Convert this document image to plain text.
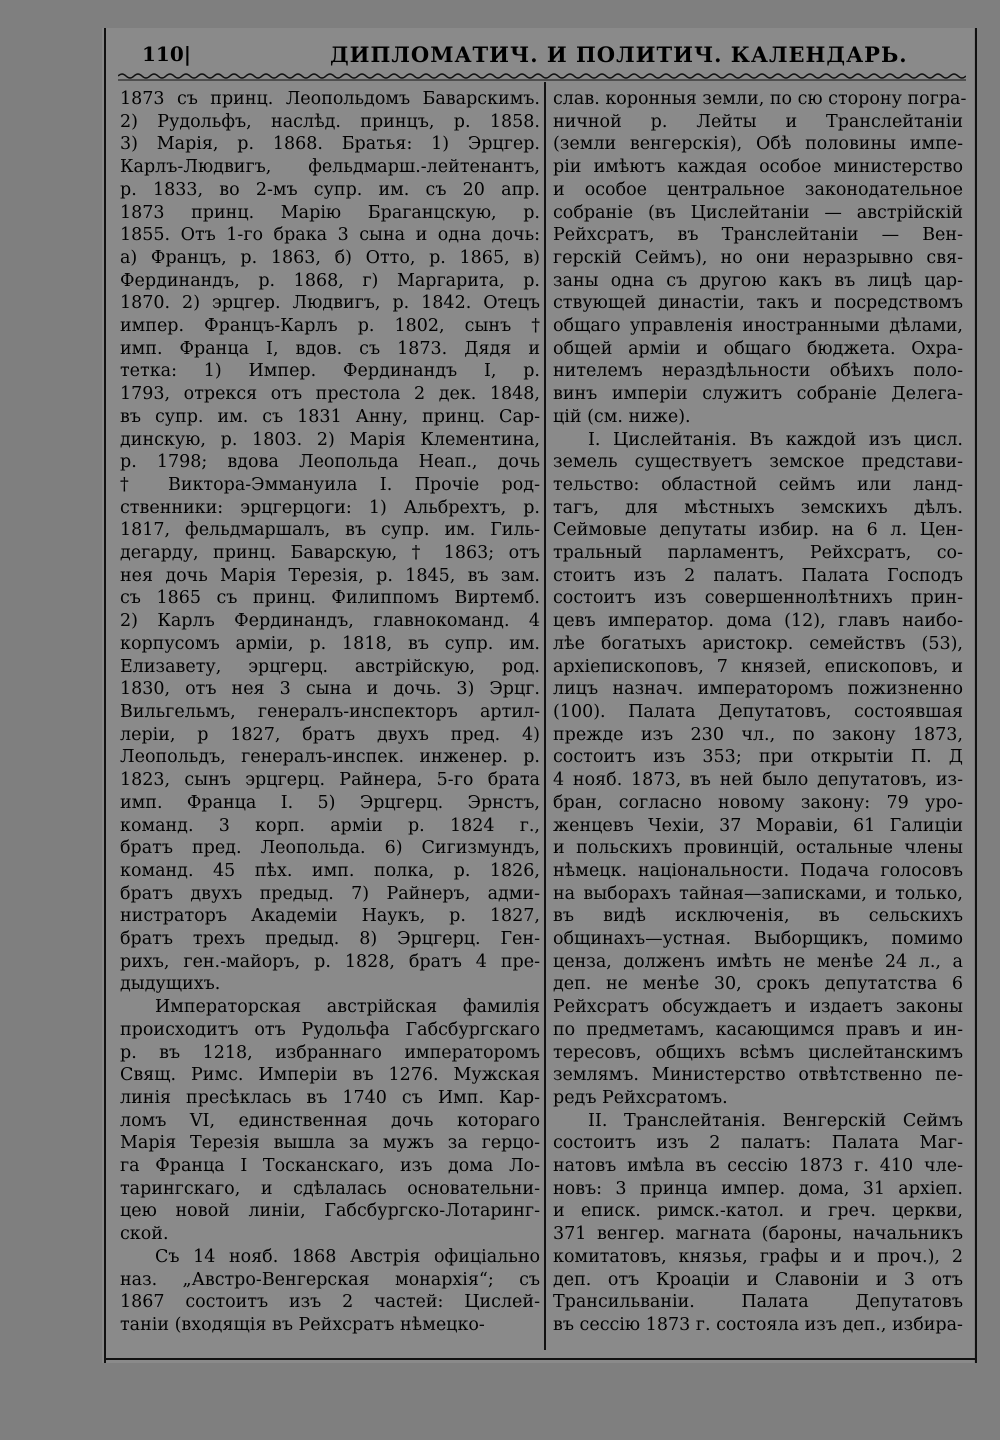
110|	ДИПЛОМАТИЧ. И ПОЛИТИЧ. КАЛЕНДАРЬ.
1873 съ принц. Леопольдомъ Баварскимъ.
2) Рудольфъ, наслѣд. принцъ, р. 1858.
3) Марія, р. 1868. Братья: 1) Эрцгер.
Карлъ-Людвигъ, фельдмарш.-лейтенантъ,
р. 1833, во 2-мъ супр. им. съ 20 апр.
1873 принц. Марію Браганцскую, р.
1855. Отъ 1-го брака 3 сына и одна дочь:
а) Францъ, р. 1863, б) Отто, р. 1865, в)
Фердинандъ, р. 1868, г) Маргарита, р.
1870. 2) эрцгер. Людвигъ, р. 1842. Отецъ
импер. Францъ-Карлъ р. 1802, сынъ †
имп. Франца I, вдов. съ 1873. Дядя и
тетка: 1) Импер. Фердинандъ I, р.
1793, отрекся отъ престола 2 дек. 1848,
въ супр. им. съ 1831 Анну, принц. Сар-
динскую, р. 1803. 2) Марія Клементина,
р. 1798; вдова Леопольда Неап., дочь
† Виктора-Эммануила I. Прочіе род-
ственники: эрцгерцоги: 1) Альбрехтъ, р.
1817, фельдмаршалъ, въ супр. им. Гиль-
дегарду, принц. Баварскую, † 1863; отъ
нея дочь Марія Терезія, р. 1845, въ зам.
съ 1865 съ принц. Филиппомъ Виртемб.
2) Карлъ Фердинандъ, главнокоманд. 4
корпусомъ арміи, р. 1818, въ супр. им.
Елизавету, эрцгерц. австрійскую, род.
1830, отъ нея 3 сына и дочь. 3) Эрцг.
Вильгельмъ, генералъ-инспекторъ артил-
леріи, р 1827, братъ двухъ пред. 4)
Леопольдъ, генералъ-инспек. инженер. р.
1823, сынъ эрцгерц. Райнера, 5-го брата
имп. Франца I. 5) Эрцгерц. Эрнстъ,
команд. 3 корп. арміи р. 1824 г.,
братъ пред. Леопольда. 6) Сигизмундъ,
команд. 45 пѣх. имп. полка, р. 1826,
братъ двухъ предыд. 7) Райнеръ, адми-
нистраторъ Академіи Наукъ, р. 1827,
братъ трехъ предыд. 8) Эрцгерц. Ген-
рихъ, ген.-майоръ, р. 1828, братъ 4 пре-
дыдущихъ.
  Императорская австрійская фамилія
происходитъ отъ Рудольфа Габсбургскаго
р. въ 1218, избраннаго императоромъ
Свящ. Римс. Имперіи въ 1276. Мужская
линія пресѣклась въ 1740 съ Имп. Кар-
ломъ VI, единственная дочь котораго
Марія Терезія вышла за мужъ за герцо-
га Франца I Тосканскаго, изъ дома Ло-
тарингскаго, и сдѣлалась основательни-
цею новой линіи, Габсбургско-Лотаринг-
ской.
  Съ 14 нояб. 1868 Австрія офиціально
наз. „Австро-Венгерская монархія“; съ
1867 состоитъ изъ 2 частей: Цислей-
таніи (входящія въ Рейхсратъ нѣмецко-
слав. коронныя земли, по сю сторону погра-
ничной р. Лейты и Транслейтаніи
(земли венгерскія), Обѣ половины импе-
ріи имѣютъ каждая особое министерство
и особое центральное законодательное
собраніе (въ Цислейтаніи — австрійскій
Рейхсратъ, въ Транслейтаніи — Вен-
герскій Сеймъ), но они неразрывно свя-
заны одна съ другою какъ въ лицѣ цар-
ствующей династіи, такъ и посредствомъ
общаго управленія иностранными дѣлами,
общей арміи и общаго бюджета. Охра-
нителемъ нераздѣльности обѣихъ поло-
винъ имперіи служитъ собраніе Делега-
цій (см. ниже).
  I. Цислейтанія. Въ каждой изъ цисл.
земель существуетъ земское представи-
тельство: областной сеймъ или ланд-
тагъ, для мѣстныхъ земскихъ дѣлъ.
Сеймовые депутаты избир. на 6 л. Цен-
тральный парламентъ, Рейхсратъ, со-
стоитъ изъ 2 палатъ. Палата Господъ
состоитъ изъ совершеннолѣтнихъ прин-
цевъ император. дома (12), главъ наибо-
лѣе богатыхъ аристокр. семействъ (53),
архіепископовъ, 7 князей, епископовъ, и
лицъ назнач. императоромъ пожизненно
(100). Палата Депутатовъ, состоявшая
прежде изъ 230 чл., по закону 1873,
состоитъ изъ 353; при открытіи П. Д
4 нояб. 1873, въ ней было депутатовъ, из-
бран, согласно новому закону: 79 уро-
женцевъ Чехіи, 37 Моравіи, 61 Галиціи
и польскихъ провинцій, остальные члены
нѣмецк. національности. Подача голосовъ
на выборахъ тайная—записками, и только,
въ видѣ исключенія, въ сельскихъ
общинахъ—устная. Выборщикъ, помимо
ценза, долженъ имѣть не менѣе 24 л., а
деп. не менѣе 30, срокъ депутатства 6
Рейхсратъ обсуждаетъ и издаетъ законы
по предметамъ, касающимся правъ и ин-
тересовъ, общихъ всѣмъ цислейтанскимъ
землямъ. Министерство отвѣтственно пе-
редъ Рейхсратомъ.
  II. Транслейтанія. Венгерскій Сеймъ
состоитъ изъ 2 палатъ: Палата Маг-
натовъ имѣла въ сессію 1873 г. 410 чле-
новъ: 3 принца импер. дома, 31 архіеп.
и еписк. римск.-катол. и греч. церкви,
371 венгер. магната (бароны, начальникъ
комитатовъ, князья, графы и и проч.), 2
деп. отъ Кроаціи и Славоніи и 3 отъ
Трансильваніи. Палата Депутатовъ
въ сессію 1873 г. состояла изъ деп., избира-
